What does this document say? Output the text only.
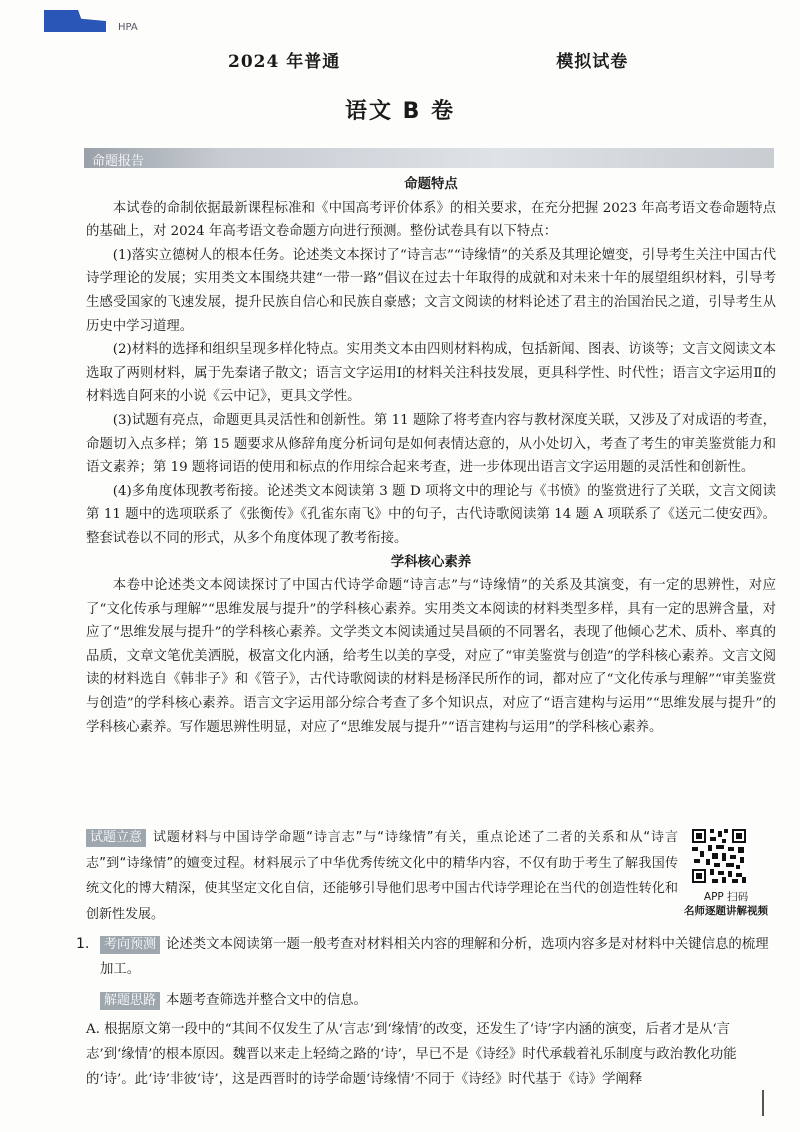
HPA
2024 年普通　　　　　　　　　　　　	模拟试卷
语文 B 卷
命题报告
命题特点

本试卷的命制依据最新课程标准和《中国高考评价体系》的相关要求，在充分把握 2023 年高考语文卷命题特点的基础上，对 2024 年高考语文卷命题方向进行预测。整份试卷具有以下特点：

(1)落实立德树人的根本任务。论述类文本探讨了“诗言志”“诗缘情”的关系及其理论嬗变，引导考生关注中国古代诗学理论的发展；实用类文本围绕共建“一带一路”倡议在过去十年取得的成就和对未来十年的展望组织材料，引导考生感受国家的飞速发展，提升民族自信心和民族自豪感；文言文阅读的材料论述了君主的治国治民之道，引导考生从历史中学习道理。

(2)材料的选择和组织呈现多样化特点。实用类文本由四则材料构成，包括新闻、图表、访谈等；文言文阅读文本选取了两则材料，属于先秦诸子散文；语言文字运用Ⅰ的材料关注科技发展，更具科学性、时代性；语言文字运用Ⅱ的材料选自阿来的小说《云中记》，更具文学性。

(3)试题有亮点，命题更具灵活性和创新性。第 11 题除了将考查内容与教材深度关联，又涉及了对成语的考查，命题切入点多样；第 15 题要求从修辞角度分析词句是如何表情达意的，从小处切入，考查了考生的审美鉴赏能力和语文素养；第 19 题将词语的使用和标点的作用综合起来考查，进一步体现出语言文字运用题的灵活性和创新性。

(4)多角度体现教考衔接。论述类文本阅读第 3 题 D 项将文中的理论与《书愤》的鉴赏进行了关联，文言文阅读第 11 题中的选项联系了《张衡传》《孔雀东南飞》中的句子，古代诗歌阅读第 14 题 A 项联系了《送元二使安西》。整套试卷以不同的形式，从多个角度体现了教考衔接。

学科核心素养

本卷中论述类文本阅读探讨了中国古代诗学命题“诗言志”与“诗缘情”的关系及其演变，有一定的思辨性，对应了“文化传承与理解”“思维发展与提升”的学科核心素养。实用类文本阅读的材料类型多样，具有一定的思辨含量，对应了“思维发展与提升”的学科核心素养。文学类文本阅读通过吴昌硕的不同署名，表现了他倾心艺术、质朴、率真的品质，文章文笔优美洒脱，极富文化内涵，给考生以美的享受，对应了“审美鉴赏与创造”的学科核心素养。文言文阅读的材料选自《韩非子》和《管子》，古代诗歌阅读的材料是杨泽民所作的词，都对应了“文化传承与理解”“审美鉴赏与创造”的学科核心素养。语言文字运用部分综合考查了多个知识点，对应了“语言建构与运用”“思维发展与提升”的学科核心素养。写作题思辨性明显，对应了“思维发展与提升”“语言建构与运用”的学科核心素养。

试题立意 试题材料与中国诗学命题“诗言志”与“诗缘情”有关，重点论述了二者的关系和从“诗言志”到“诗缘情”的嬗变过程。材料展示了中华优秀传统文化中的精华内容，不仅有助于考生了解我国传统文化的博大精深，使其坚定文化自信，还能够引导他们思考中国古代诗学理论在当代的创造性转化和创新性发展。
APP 扫码
名师逐题讲解视频
1.	考向预测 论述类文本阅读第一题一般考查对材料相关内容的理解和分析，选项内容多是对材料中关键信息的梳理加工。

解题思路 本题考查筛选并整合文中的信息。

A. 根据原文第一段中的“其间不仅发生了从‘言志’到‘缘情’的改变，还发生了‘诗’字内涵的演变，后者才是从‘言志’到‘缘情’的根本原因。魏晋以来走上轻绮之路的‘诗’，早已不是《诗经》时代承载着礼乐制度与政治教化功能的‘诗’。此‘诗’非彼‘诗’，这是西晋时的诗学命题‘诗缘情’不同于《诗经》时代基于《诗》学阐释
